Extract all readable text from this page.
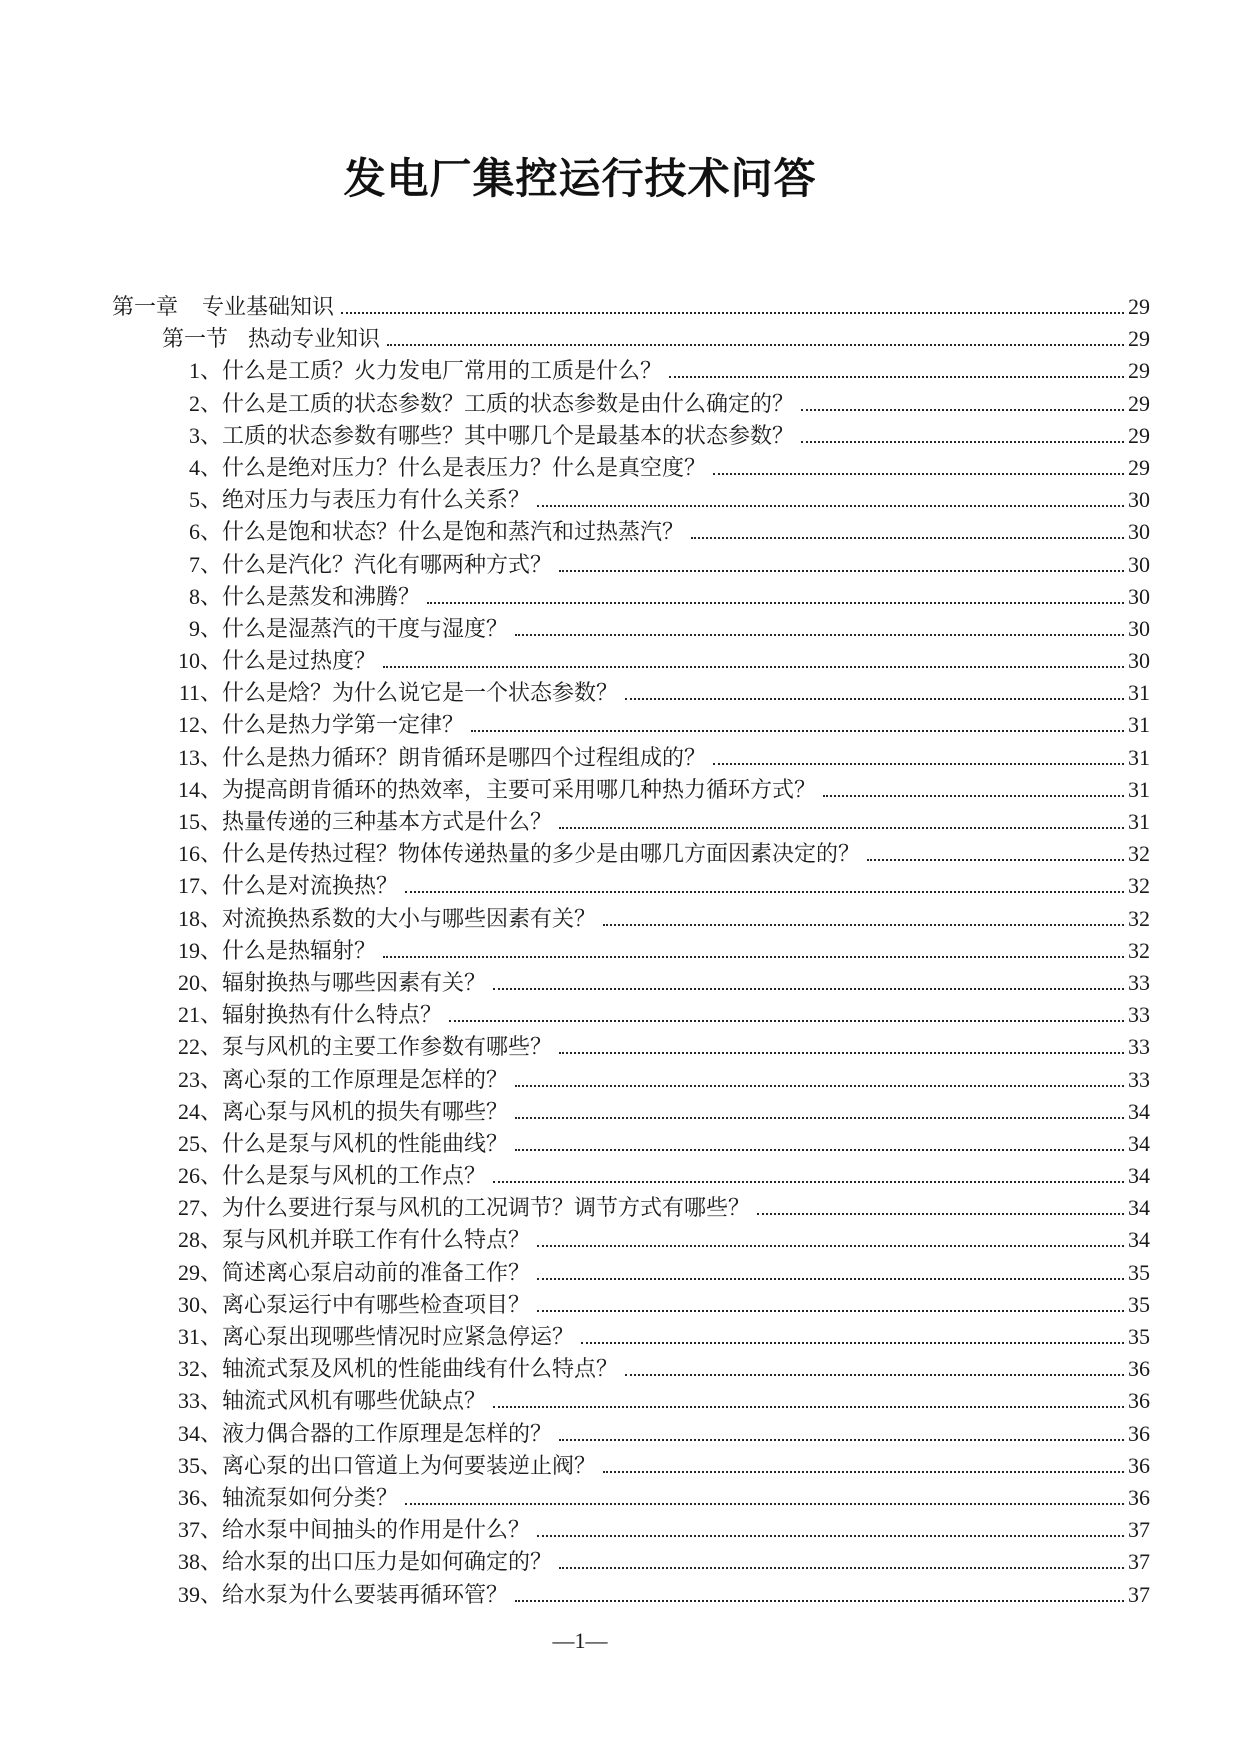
发电厂集控运行技术问答
第一章 专业基础知识	29
第一节 热动专业知识	29
1、 什么是工质？火力发电厂常用的工质是什么？	29
2、 什么是工质的状态参数？工质的状态参数是由什么确定的？	29
3、 工质的状态参数有哪些？其中哪几个是最基本的状态参数？	29
4、 什么是绝对压力？什么是表压力？什么是真空度？	29
5、 绝对压力与表压力有什么关系？	30
6、 什么是饱和状态？什么是饱和蒸汽和过热蒸汽？	30
7、 什么是汽化？汽化有哪两种方式？	30
8、 什么是蒸发和沸腾？	30
9、 什么是湿蒸汽的干度与湿度？	30
10、 什么是过热度？	30
11、 什么是焓？为什么说它是一个状态参数？	31
12、 什么是热力学第一定律？	31
13、 什么是热力循环？朗肯循环是哪四个过程组成的？	31
14、 为提高朗肯循环的热效率，主要可采用哪几种热力循环方式？	31
15、 热量传递的三种基本方式是什么？	31
16、 什么是传热过程？物体传递热量的多少是由哪几方面因素决定的？	32
17、 什么是对流换热？	32
18、 对流换热系数的大小与哪些因素有关？	32
19、 什么是热辐射？	32
20、 辐射换热与哪些因素有关？	33
21、 辐射换热有什么特点？	33
22、 泵与风机的主要工作参数有哪些？	33
23、 离心泵的工作原理是怎样的？	33
24、 离心泵与风机的损失有哪些？	34
25、 什么是泵与风机的性能曲线？	34
26、 什么是泵与风机的工作点？	34
27、 为什么要进行泵与风机的工况调节？调节方式有哪些？	34
28、 泵与风机并联工作有什么特点？	34
29、 简述离心泵启动前的准备工作？	35
30、 离心泵运行中有哪些检查项目？	35
31、 离心泵出现哪些情况时应紧急停运？	35
32、 轴流式泵及风机的性能曲线有什么特点？	36
33、 轴流式风机有哪些优缺点？	36
34、 液力偶合器的工作原理是怎样的？	36
35、 离心泵的出口管道上为何要装逆止阀？	36
36、 轴流泵如何分类？	36
37、 给水泵中间抽头的作用是什么？	37
38、 给水泵的出口压力是如何确定的？	37
39、 给水泵为什么要装再循环管？	37
—1—
